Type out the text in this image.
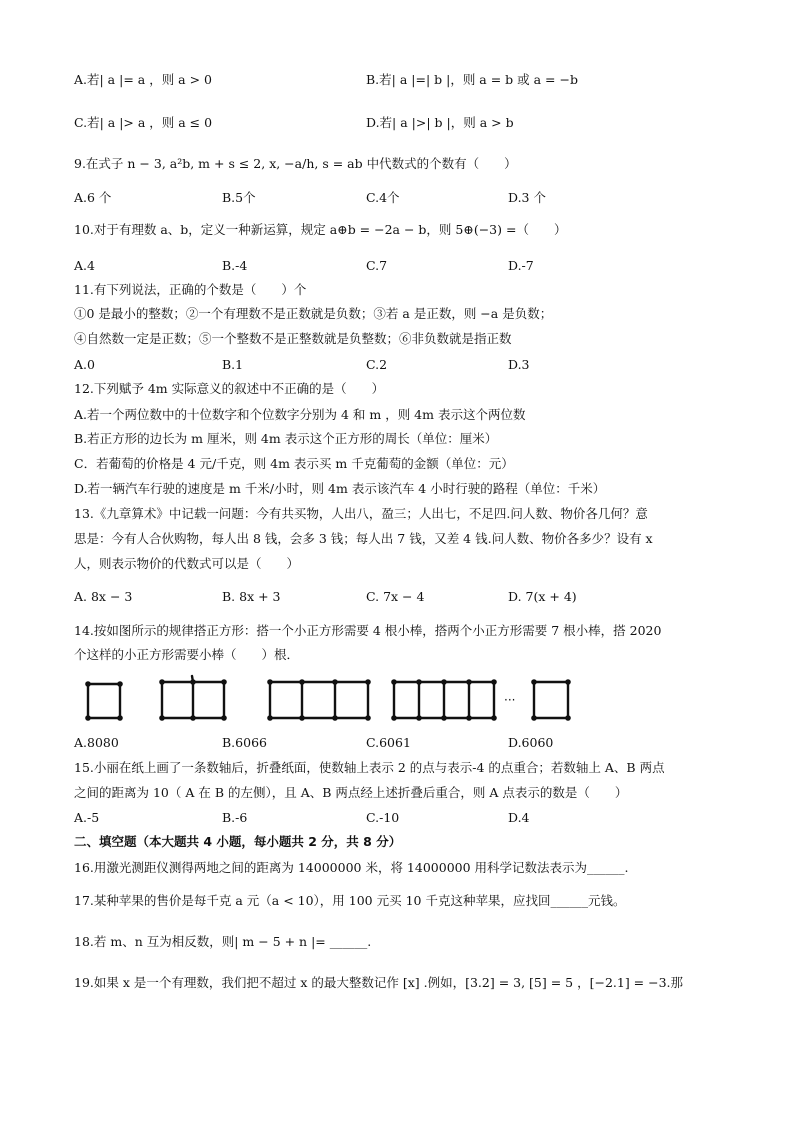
A.若| a |= a ，则 a > 0	B.若| a |=| b |，则 a = b 或 a = −b
C.若| a |> a ，则 a ≤ 0	D.若| a |>| b |，则 a > b
9.在式子 n − 3, a²b, m + s ≤ 2, x, −a/h, s = ab 中代数式的个数有（　　）
A.6 个	B.5个	C.4个	D.3 个
10.对于有理数 a、b，定义一种新运算，规定 a⊕b = −2a − b，则 5⊕(−3) =（　　）
A.4	B.-4	C.7	D.-7
11.有下列说法，正确的个数是（　　）个
①0 是最小的整数；②一个有理数不是正数就是负数；③若 a 是正数，则 −a 是负数；
④自然数一定是正数；⑤一个整数不是正整数就是负整数；⑥非负数就是指正数
A.0	B.1	C.2	D.3
12.下列赋予 4m 实际意义的叙述中不正确的是（　　）
A.若一个两位数中的十位数字和个位数字分别为 4 和 m ，则 4m 表示这个两位数
B.若正方形的边长为 m 厘米，则 4m 表示这个正方形的周长（单位：厘米）
C．若葡萄的价格是 4 元/千克，则 4m 表示买 m 千克葡萄的金额（单位：元）
D.若一辆汽车行驶的速度是 m 千米/小时，则 4m 表示该汽车 4 小时行驶的路程（单位：千米）
13.《九章算术》中记载一问题：今有共买物，人出八，盈三；人出七，不足四.问人数、物价各几何？意
思是：今有人合伙购物，每人出 8 钱，会多 3 钱；每人出 7 钱，又差 4 钱.问人数、物价各多少？设有 x
人，则表示物价的代数式可以是（　　）
A. 8x − 3	B. 8x + 3	C. 7x − 4	D. 7(x + 4)
14.按如图所示的规律搭正方形：搭一个小正方形需要 4 根小棒，搭两个小正方形需要 7 根小棒，搭 2020
个这样的小正方形需要小棒（　　）根．
···
A.8080	B.6066	C.6061	D.6060
15.小丽在纸上画了一条数轴后，折叠纸面，使数轴上表示 2 的点与表示-4 的点重合；若数轴上 A、B 两点
之间的距离为 10（ A 在 B 的左侧），且 A、B 两点经上述折叠后重合，则 A 点表示的数是（　　）
A.-5	B.-6	C.-10	D.4
二、填空题（本大题共 4 小题，每小题共 2 分，共 8 分）
16.用激光测距仪测得两地之间的距离为 14000000 米，将 14000000 用科学记数法表示为______.
17.某种苹果的售价是每千克 a 元（a < 10），用 100 元买 10 千克这种苹果，应找回______元钱。
18.若 m、n 互为相反数，则| m − 5 + n |= ______.
19.如果 x 是一个有理数，我们把不超过 x 的最大整数记作 [x] .例如，[3.2] = 3, [5] = 5 ，[−2.1] = −3.那
